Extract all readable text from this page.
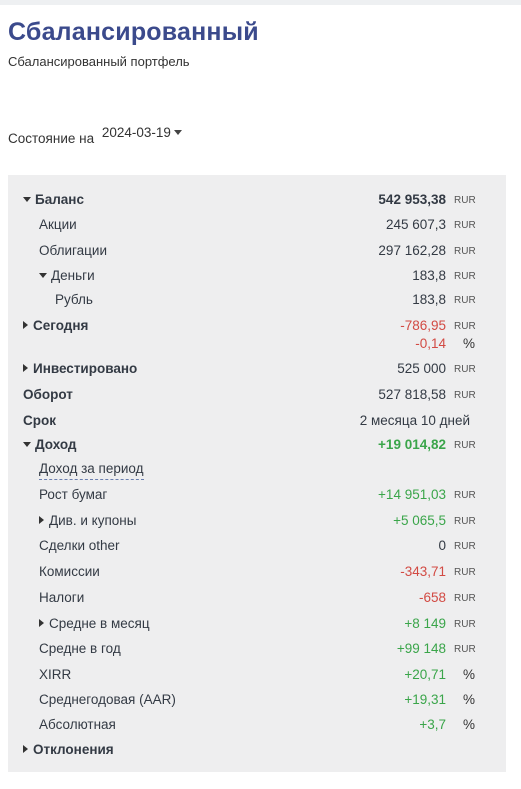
Сбалансированный
Сбалансированный портфель
Состояние на 2024-03-19
Баланс	542 953,38 RUR
Акции	245 607,3 RUR
Облигации	297 162,28 RUR
Деньги	183,8 RUR
Рубль	183,8 RUR
Сегодня	-786,95 RUR
-0,14 %
Инвестировано	525 000 RUR
Оборот	527 818,58 RUR
Срок	2 месяца 10 дней
Доход	+19 014,82 RUR
Доход за период
Рост бумаг	+14 951,03 RUR
Див. и купоны	+5 065,5 RUR
Сделки other	0 RUR
Комиссии	-343,71 RUR
Налоги	-658 RUR
Средне в месяц	+8 149 RUR
Средне в год	+99 148 RUR
XIRR	+20,71 %
Среднегодовая (AAR)	+19,31 %
Абсолютная	+3,7 %
Отклонения
